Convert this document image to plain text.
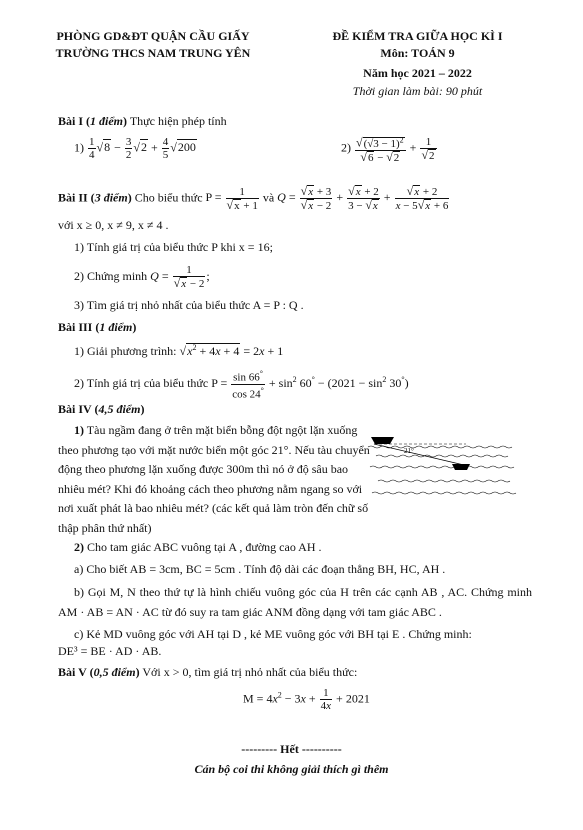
PHÒNG GD&ĐT QUẬN CẦU GIẤY
TRƯỜNG THCS NAM TRUNG YÊN
ĐỀ KIỂM TRA GIỮA HỌC KÌ I
Môn: TOÁN 9
Năm học 2021 – 2022
Thời gian làm bài: 90 phút
Bài I (1 điểm) Thực hiện phép tính
$1) \frac{1}{4} √8 - \frac{3}{2} √2 + \frac{4}{5} √200$	$2) \frac{√(√3 - 1)^2}{√6 - √2} + \frac{1}{√2}$
Bài II (3 điểm) Cho biểu thức $P = \frac{1}{√x + 1}$ và $Q = \frac{√x + 3}{√x - 2} + \frac{√x + 2}{3 - √x} + \frac{√x + 2}{x - 5√x + 6}$
với x ≥ 0, x ≠ 9, x ≠ 4 .
1) Tính giá trị của biểu thức P khi x = 16;
2) Chứng minh $Q = \frac{1}{√x - 2}$ ;
3) Tìm giá trị nhỏ nhất của biểu thức A = P : Q .
Bài III (1 điểm)
1) Giải phương trình: $√x^2 + 4x + 4 = 2x + 1$
2) Tính giá trị của biểu thức $P = \frac{\sin 66^\circ}{\cos 24^\circ} + \sin^2 60^\circ - (2021 - \sin^2 30^\circ)$
Bài IV (4,5 điểm)
1) Tàu ngầm đang ở trên mặt biển bỗng đột ngột lặn xuống theo phương tạo với mặt nước biển một góc 21°. Nếu tàu chuyển động theo phương lặn xuống được 300m thì nó ở độ sâu bao nhiêu mét? Khi đó khoảng cách theo phương nằm ngang so với nơi xuất phát là bao nhiêu mét? (các kết quả làm tròn đến chữ số thập phân thứ nhất)
21°
2) Cho tam giác ABC vuông tại A , đường cao AH .
a) Cho biết AB = 3cm, BC = 5cm . Tính độ dài các đoạn thẳng BH, HC, AH .
b) Gọi M, N theo thứ tự là hình chiếu vuông góc của H trên các cạnh AB , AC. Chứng minh AM · AB = AN · AC từ đó suy ra tam giác ANM đồng dạng với tam giác ABC .
c) Kẻ MD vuông góc với AH tại D , kẻ ME vuông góc với BH tại E . Chứng minh:
DE³ = BE · AD · AB.
Bài V (0,5 điểm) Với x > 0, tìm giá trị nhỏ nhất của biểu thức:
$M = 4x^2 - 3x + \frac{1}{4x} + 2021$
--------- Hết ----------
Cán bộ coi thi không giải thích gì thêm
